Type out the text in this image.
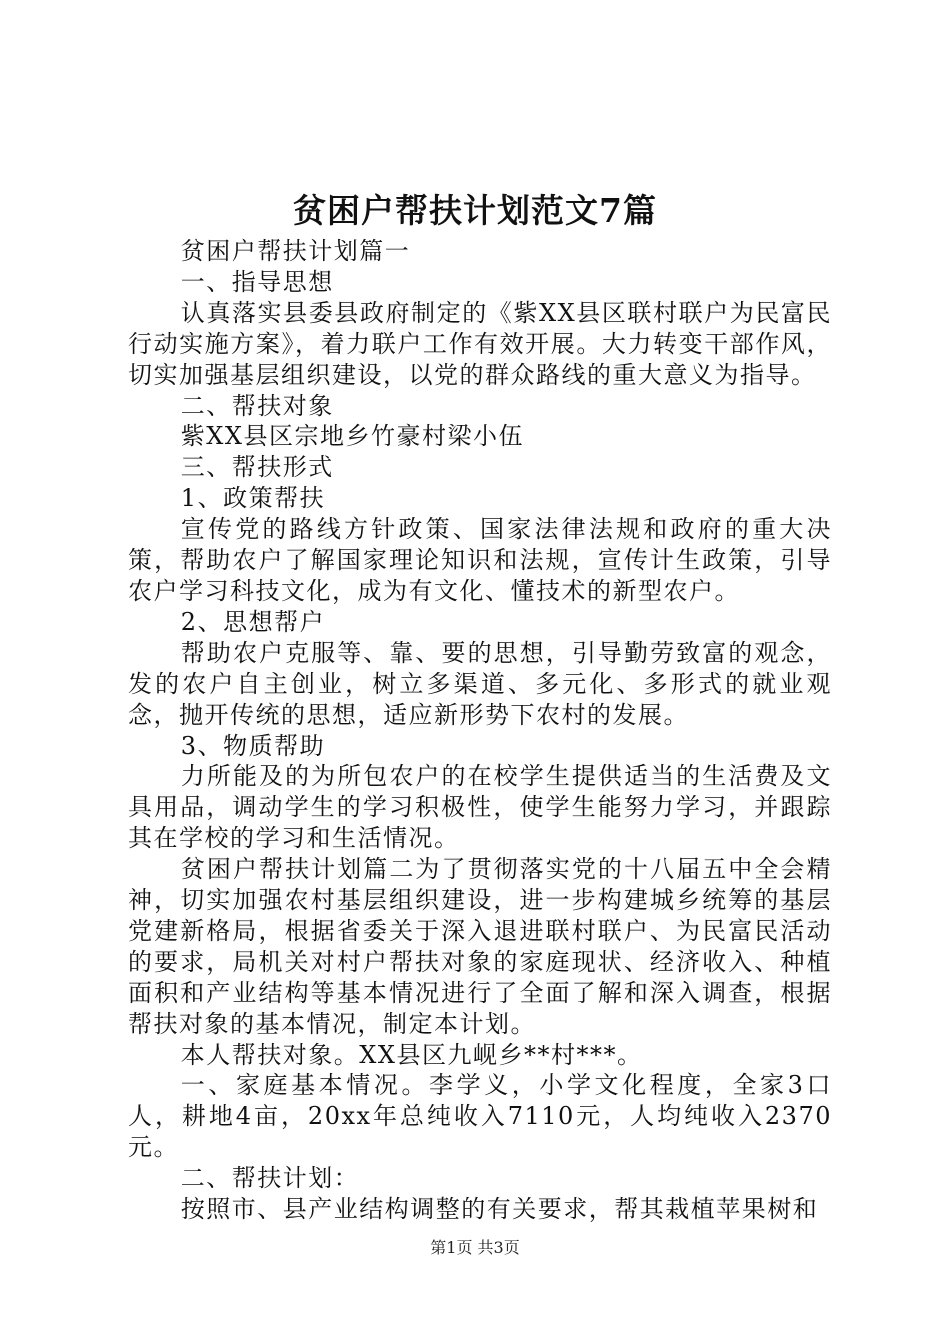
贫困户帮扶计划范文7篇

贫困户帮扶计划篇一

一、指导思想

认真落实县委县政府制定的《紫XX县区联村联户为民富民行动实施方案》，着力联户工作有效开展。大力转变干部作风，切实加强基层组织建设，以党的群众路线的重大意义为指导。

二、帮扶对象

紫XX县区宗地乡竹豪村梁小伍

三、帮扶形式

1、政策帮扶

宣传党的路线方针政策、国家法律法规和政府的重大决策，帮助农户了解国家理论知识和法规，宣传计生政策，引导农户学习科技文化，成为有文化、懂技术的新型农户。

2、思想帮户

帮助农户克服等、靠、要的思想，引导勤劳致富的观念，发的农户自主创业，树立多渠道、多元化、多形式的就业观念，抛开传统的思想，适应新形势下农村的发展。

3、物质帮助

力所能及的为所包农户的在校学生提供适当的生活费及文具用品，调动学生的学习积极性，使学生能努力学习，并跟踪其在学校的学习和生活情况。

贫困户帮扶计划篇二为了贯彻落实党的十八届五中全会精神，切实加强农村基层组织建设，进一步构建城乡统筹的基层党建新格局，根据省委关于深入退进联村联户、为民富民活动的要求，局机关对村户帮扶对象的家庭现状、经济收入、种植面积和产业结构等基本情况进行了全面了解和深入调查，根据帮扶对象的基本情况，制定本计划。

本人帮扶对象。XX县区九岘乡**村***。

一、家庭基本情况。李学义，小学文化程度，全家3口人，耕地4亩，20xx年总纯收入7110元，人均纯收入2370元。

二、帮扶计划：

按照市、县产业结构调整的有关要求，帮其栽植苹果树和

第1页 共3页
